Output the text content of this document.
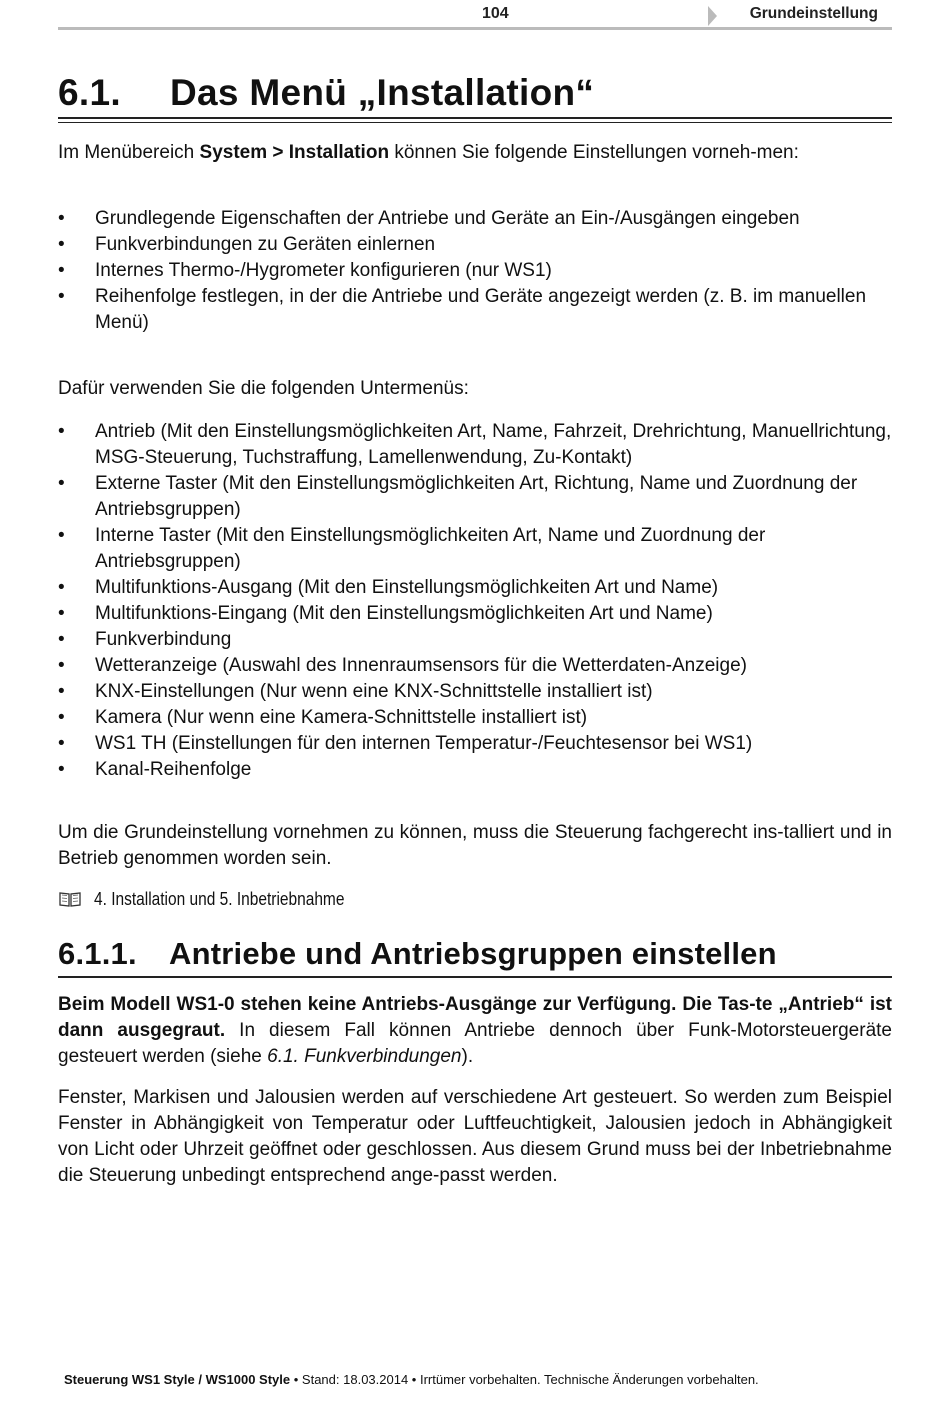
104	Grundeinstellung
6.1. Das Menü „Installation“
Im Menübereich System > Installation können Sie folgende Einstellungen vorneh-men:
• Grundlegende Eigenschaften der Antriebe und Geräte an Ein-/Ausgängen eingeben
• Funkverbindungen zu Geräten einlernen
• Internes Thermo-/Hygrometer konfigurieren (nur WS1)
• Reihenfolge festlegen, in der die Antriebe und Geräte angezeigt werden (z. B. im manuellen Menü)
Dafür verwenden Sie die folgenden Untermenüs:
• Antrieb (Mit den Einstellungsmöglichkeiten Art, Name, Fahrzeit, Drehrichtung, Manuellrichtung, MSG-Steuerung, Tuchstraffung, Lamellenwendung, Zu-Kontakt)
• Externe Taster (Mit den Einstellungsmöglichkeiten Art, Richtung, Name und Zuordnung der Antriebsgruppen)
• Interne Taster (Mit den Einstellungsmöglichkeiten Art, Name und Zuordnung der Antriebsgruppen)
• Multifunktions-Ausgang (Mit den Einstellungsmöglichkeiten Art und Name)
• Multifunktions-Eingang (Mit den Einstellungsmöglichkeiten Art und Name)
• Funkverbindung
• Wetteranzeige (Auswahl des Innenraumsensors für die Wetterdaten-Anzeige)
• KNX-Einstellungen (Nur wenn eine KNX-Schnittstelle installiert ist)
• Kamera (Nur wenn eine Kamera-Schnittstelle installiert ist)
• WS1 TH (Einstellungen für den internen Temperatur-/Feuchtesensor bei WS1)
• Kanal-Reihenfolge
Um die Grundeinstellung vornehmen zu können, muss die Steuerung fachgerecht ins-talliert und in Betrieb genommen worden sein.
4. Installation und 5. Inbetriebnahme
6.1.1. Antriebe und Antriebsgruppen einstellen
Beim Modell WS1-0 stehen keine Antriebs-Ausgänge zur Verfügung. Die Tas-te „Antrieb“ ist dann ausgegraut. In diesem Fall können Antriebe dennoch über Funk-Motorsteuergeräte gesteuert werden (siehe 6.1. Funkverbindungen).
Fenster, Markisen und Jalousien werden auf verschiedene Art gesteuert. So werden zum Beispiel Fenster in Abhängigkeit von Temperatur oder Luftfeuchtigkeit, Jalousien jedoch in Abhängigkeit von Licht oder Uhrzeit geöffnet oder geschlossen. Aus diesem Grund muss bei der Inbetriebnahme die Steuerung unbedingt entsprechend ange-passt werden.
Steuerung WS1 Style / WS1000 Style • Stand: 18.03.2014 • Irrtümer vorbehalten. Technische Änderungen vorbehalten.
